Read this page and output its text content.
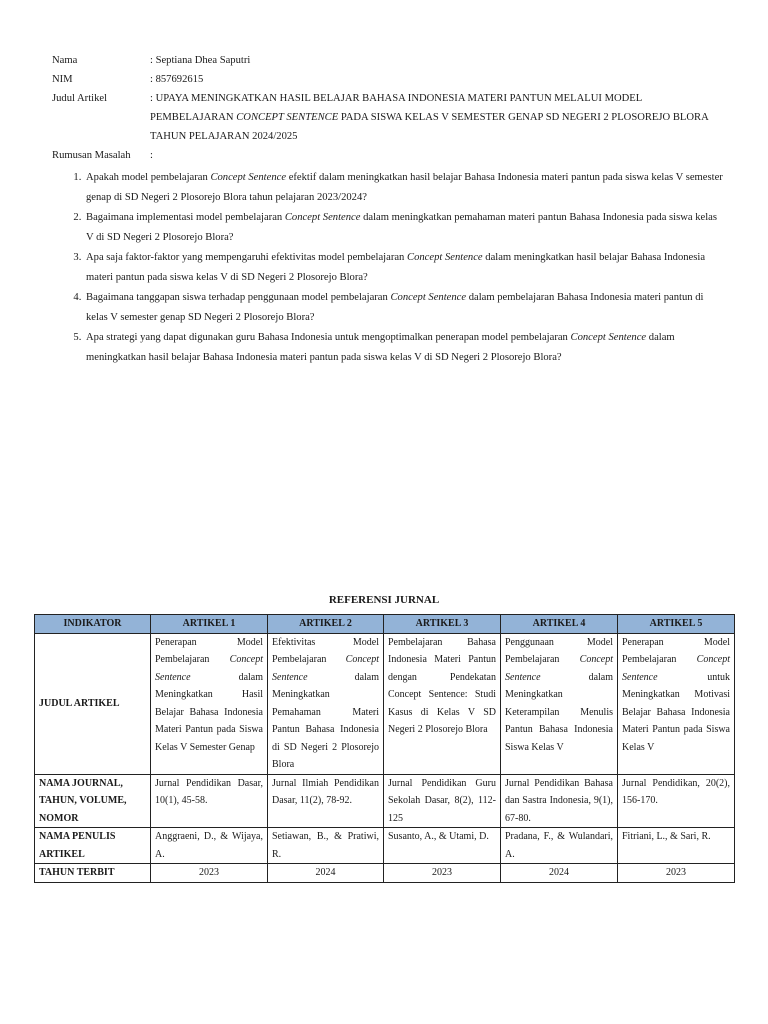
Nama	: Septiana Dhea Saputri
NIM	: 857692615
Judul Artikel	: UPAYA MENINGKATKAN HASIL BELAJAR BAHASA INDONESIA MATERI PANTUN MELALUI MODEL PEMBELAJARAN CONCEPT SENTENCE PADA SISWA KELAS V SEMESTER GENAP SD NEGERI 2 PLOSOREJO BLORA TAHUN PELAJARAN 2024/2025
Rumusan Masalah	:
1. Apakah model pembelajaran Concept Sentence efektif dalam meningkatkan hasil belajar Bahasa Indonesia materi pantun pada siswa kelas V semester genap di SD Negeri 2 Plosorejo Blora tahun pelajaran 2023/2024?
2. Bagaimana implementasi model pembelajaran Concept Sentence dalam meningkatkan pemahaman materi pantun Bahasa Indonesia pada siswa kelas V di SD Negeri 2 Plosorejo Blora?
3. Apa saja faktor-faktor yang mempengaruhi efektivitas model pembelajaran Concept Sentence dalam meningkatkan hasil belajar Bahasa Indonesia materi pantun pada siswa kelas V di SD Negeri 2 Plosorejo Blora?
4. Bagaimana tanggapan siswa terhadap penggunaan model pembelajaran Concept Sentence dalam pembelajaran Bahasa Indonesia materi pantun di kelas V semester genap SD Negeri 2 Plosorejo Blora?
5. Apa strategi yang dapat digunakan guru Bahasa Indonesia untuk mengoptimalkan penerapan model pembelajaran Concept Sentence dalam meningkatkan hasil belajar Bahasa Indonesia materi pantun pada siswa kelas V di SD Negeri 2 Plosorejo Blora?
REFERENSI JURNAL
INDIKATOR	ARTIKEL 1	ARTIKEL 2	ARTIKEL 3	ARTIKEL 4	ARTIKEL 5
JUDUL ARTIKEL	Penerapan Model Pembelajaran Concept Sentence dalam Meningkatkan Hasil Belajar Bahasa Indonesia Materi Pantun pada Siswa Kelas V Semester Genap	Efektivitas Model Pembelajaran Concept Sentence dalam Meningkatkan Pemahaman Materi Pantun Bahasa Indonesia di SD Negeri 2 Plosorejo Blora	Pembelajaran Bahasa Indonesia Materi Pantun dengan Pendekatan Concept Sentence: Studi Kasus di Kelas V SD Negeri 2 Plosorejo Blora	Penggunaan Model Pembelajaran Concept Sentence dalam Meningkatkan Keterampilan Menulis Pantun Bahasa Indonesia Siswa Kelas V	Penerapan Model Pembelajaran Concept Sentence untuk Meningkatkan Motivasi Belajar Bahasa Indonesia Materi Pantun pada Siswa Kelas V
NAMA JOURNAL, TAHUN, VOLUME, NOMOR	Jurnal Pendidikan Dasar, 10(1), 45-58.	Jurnal Ilmiah Pendidikan Dasar, 11(2), 78-92.	Jurnal Pendidikan Guru Sekolah Dasar, 8(2), 112-125	Jurnal Pendidikan Bahasa dan Sastra Indonesia, 9(1), 67-80.	Jurnal Pendidikan, 20(2), 156-170.
NAMA PENULIS ARTIKEL	Anggraeni, D., & Wijaya, A.	Setiawan, B., & Pratiwi, R.	Susanto, A., & Utami, D.	Pradana, F., & Wulandari, A.	Fitriani, L., & Sari, R.
TAHUN TERBIT	2023	2024	2023	2024	2023
